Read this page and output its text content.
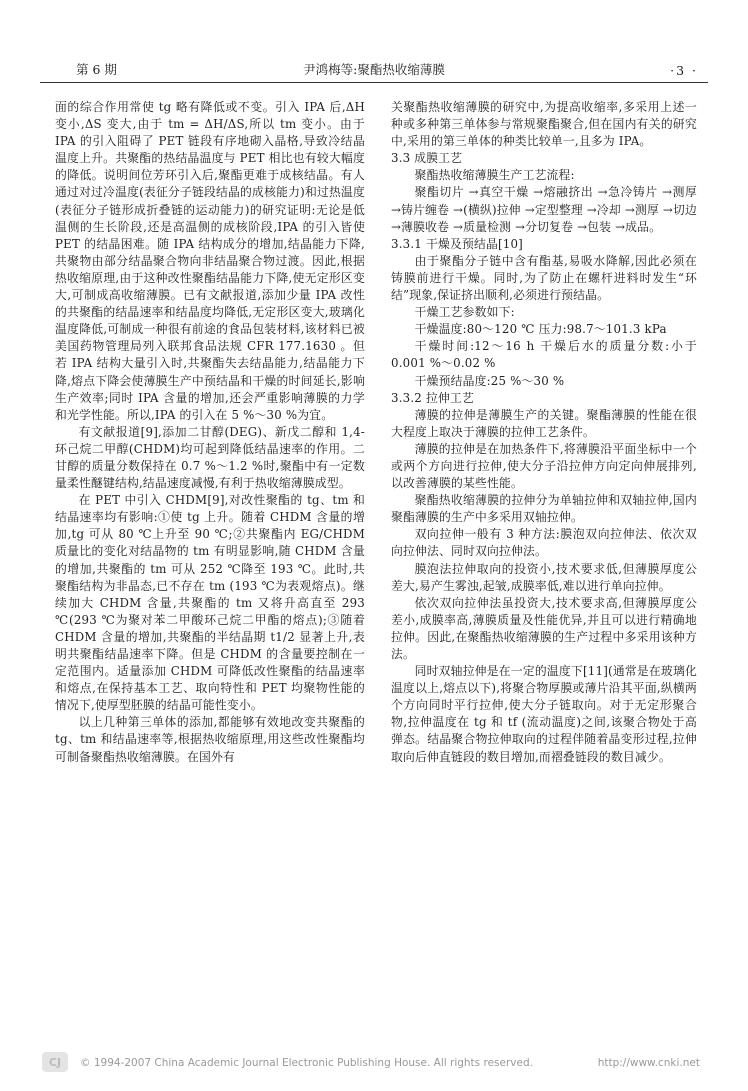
第 6 期	尹鸿梅等:聚酯热收缩薄膜	·3 ·

面的综合作用常使 tg 略有降低或不变。引入 IPA 后,ΔH 变小,ΔS 变大,由于 tm = ΔH/ΔS,所以 tm 变小。由于 IPA 的引入阻碍了 PET 链段有序地砌入晶格,导致冷结晶温度上升。共聚酯的热结晶温度与 PET 相比也有较大幅度的降低。说明间位芳环引入后,聚酯更难于成核结晶。有人通过对过冷温度(表征分子链段结晶的成核能力)和过热温度(表征分子链形成折叠链的运动能力)的研究证明:无论是低温侧的生长阶段,还是高温侧的成核阶段,IPA 的引入皆使 PET 的结晶困难。随 IPA 结构成分的增加,结晶能力下降,共聚物由部分结晶聚合物向非结晶聚合物过渡。因此,根据热收缩原理,由于这种改性聚酯结晶能力下降,使无定形区变大,可制成高收缩薄膜。已有文献报道,添加少量 IPA 改性的共聚酯的结晶速率和结晶度均降低,无定形区变大,玻璃化温度降低,可制成一种很有前途的食品包装材料,该材料已被美国药物管理局列入联邦食品法规 CFR 177.1630 。但若 IPA 结构大量引入时,共聚酯失去结晶能力,结晶能力下降,熔点下降会使薄膜生产中预结晶和干燥的时间延长,影响生产效率;同时 IPA 含量的增加,还会严重影响薄膜的力学和光学性能。所以,IPA 的引入在 5 %～30 %为宜。

有文献报道[9],添加二甘醇(DEG)、新戊二醇和 1,4-环己烷二甲醇(CHDM)均可起到降低结晶速率的作用。二甘醇的质量分数保持在 0.7 %～1.2 %时,聚酯中有一定数量柔性醚键结构,结晶速度减慢,有利于热收缩薄膜成型。

在 PET 中引入 CHDM[9],对改性聚酯的 tg、tm 和结晶速率均有影响:①使 tg 上升。随着 CHDM 含量的增加,tg 可从 80 ℃上升至 90 ℃;②共聚酯内 EG/CHDM 质量比的变化对结晶物的 tm 有明显影响,随 CHDM 含量的增加,共聚酯的 tm 可从 252 ℃降至 193 ℃。此时,共聚酯结构为非晶态,已不存在 tm (193 ℃为表观熔点)。继续加大 CHDM 含量,共聚酯的 tm 又将升高直至 293 ℃(293 ℃为聚对苯二甲酸环己烷二甲酯的熔点);③随着 CHDM 含量的增加,共聚酯的半结晶期 t1/2 显著上升,表明共聚酯结晶速率下降。但是 CHDM 的含量要控制在一定范围内。适量添加 CHDM 可降低改性聚酯的结晶速率和熔点,在保持基本工艺、取向特性和 PET 均聚物性能的情况下,使厚型胚膜的结晶可能性变小。

以上几种第三单体的添加,都能够有效地改变共聚酯的 tg、tm 和结晶速率等,根据热收缩原理,用这些改性聚酯均可制备聚酯热收缩薄膜。在国外有

关聚酯热收缩薄膜的研究中,为提高收缩率,多采用上述一种或多种第三单体参与常规聚酯聚合,但在国内有关的研究中,采用的第三单体的种类比较单一,且多为 IPA。

3.3 成膜工艺

聚酯热收缩薄膜生产工艺流程:

聚酯切片 →真空干燥 →熔融挤出 →急冷铸片 →测厚 →铸片缠卷 →(横纵)拉伸 →定型整理 →冷却 →测厚 →切边 →薄膜收卷 →质量检测 →分切复卷 →包装 →成品。

3.3.1 干燥及预结晶[10]

由于聚酯分子链中含有酯基,易吸水降解,因此必须在铸膜前进行干燥。同时,为了防止在螺杆进料时发生“环结”现象,保证挤出顺利,必须进行预结晶。

干燥工艺参数如下:

干燥温度:80～120 ℃ 压力:98.7～101.3 kPa

干燥时间:12～16 h 干燥后水的质量分数:小于 0.001 %～0.02 %

干燥预结晶度:25 %～30 %

3.3.2 拉伸工艺

薄膜的拉伸是薄膜生产的关键。聚酯薄膜的性能在很大程度上取决于薄膜的拉伸工艺条件。

薄膜的拉伸是在加热条件下,将薄膜沿平面坐标中一个或两个方向进行拉伸,使大分子沿拉伸方向定向伸展排列,以改善薄膜的某些性能。

聚酯热收缩薄膜的拉伸分为单轴拉伸和双轴拉伸,国内聚酯薄膜的生产中多采用双轴拉伸。

双向拉伸一般有 3 种方法:膜泡双向拉伸法、依次双向拉伸法、同时双向拉伸法。

膜泡法拉伸取向的投资小,技术要求低,但薄膜厚度公差大,易产生雾浊,起皱,成膜率低,难以进行单向拉伸。

依次双向拉伸法虽投资大,技术要求高,但薄膜厚度公差小,成膜率高,薄膜质量及性能优异,并且可以进行精确地拉伸。因此,在聚酯热收缩薄膜的生产过程中多采用该种方法。

同时双轴拉伸是在一定的温度下[11](通常是在玻璃化温度以上,熔点以下),将聚合物厚膜或薄片沿其平面,纵横两个方向同时平行拉伸,使大分子链取向。对于无定形聚合物,拉伸温度在 tg 和 tf (流动温度)之间,该聚合物处于高弹态。结晶聚合物拉伸取向的过程伴随着晶变形过程,拉伸取向后伸直链段的数目增加,而褶叠链段的数目减少。

CJ	© 1994-2007 China Academic Journal Electronic Publishing House. All rights reserved.	http://www.cnki.net
